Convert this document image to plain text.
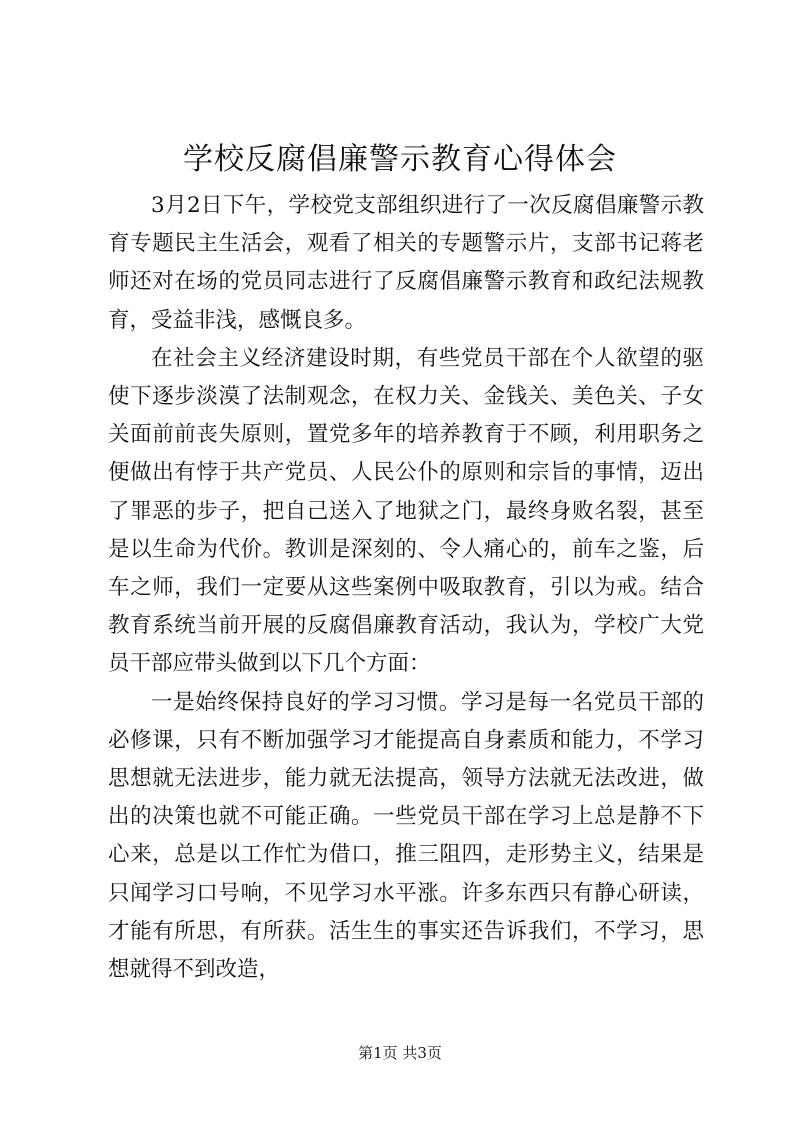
学校反腐倡廉警示教育心得体会

3月2日下午，学校党支部组织进行了一次反腐倡廉警示教育专题民主生活会，观看了相关的专题警示片，支部书记蒋老师还对在场的党员同志进行了反腐倡廉警示教育和政纪法规教育，受益非浅，感慨良多。

在社会主义经济建设时期，有些党员干部在个人欲望的驱使下逐步淡漠了法制观念，在权力关、金钱关、美色关、子女关面前前丧失原则，置党多年的培养教育于不顾，利用职务之便做出有悖于共产党员、人民公仆的原则和宗旨的事情，迈出了罪恶的步子，把自己送入了地狱之门，最终身败名裂，甚至是以生命为代价。教训是深刻的、令人痛心的，前车之鉴，后车之师，我们一定要从这些案例中吸取教育，引以为戒。结合教育系统当前开展的反腐倡廉教育活动，我认为，学校广大党员干部应带头做到以下几个方面：

一是始终保持良好的学习习惯。学习是每一名党员干部的必修课，只有不断加强学习才能提高自身素质和能力，不学习思想就无法进步，能力就无法提高，领导方法就无法改进，做出的决策也就不可能正确。一些党员干部在学习上总是静不下心来，总是以工作忙为借口，推三阻四，走形势主义，结果是只闻学习口号响，不见学习水平涨。许多东西只有静心研读，才能有所思，有所获。活生生的事实还告诉我们，不学习，思想就得不到改造，

第1页 共3页
